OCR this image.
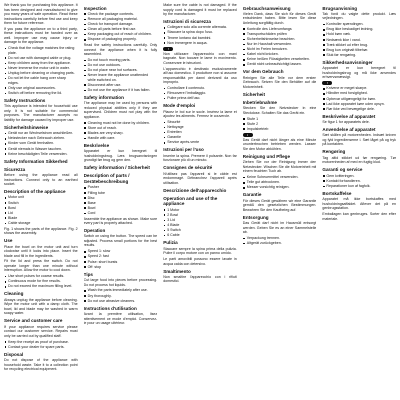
We thank you for purchasing this appliance. It has been designed and manufactured to give you many years of safe operation. Read these instructions carefully before first use and keep them for future reference.

If you pass the appliance on to a third party, these instructions must be handed over as well. Improper use may cause injury or damage to the appliance.

Check that the voltage matches the rating plate.
Do not use with damaged cable or plug.
Keep children away from the appliance.
Never immerse the motor unit in water.
Unplug before cleaning or changing parts.
Do not let the cable hang over sharp edges.
Only use original accessories.
Switch off before removing the lid.
Safety Instructions

This appliance is intended for household use only. It is not suitable for commercial purposes. The manufacturer accepts no liability for damage caused by improper use.

Sicherheitshinweise
Gerät nur an Wechselstrom anschließen.
Netzstecker nach Gebrauch ziehen.
Kinder vom Gerät fernhalten.
Gerät niemals in Wasser tauchen.
Keine beschädigten Teile verwenden.
Safety Information Sikkerhed
Sicurezza

Before using the appliance read all instructions. Connect only to an earthed socket.

Description of the appliance
Motor unit
Switch
Bowl
Lid
Blade
Cable storage

Fig. 1 shows the parts of the appliance. Fig. 2 shows the assembly.

Use

Place the bowl on the motor unit and turn clockwise until it locks into place. Insert the blade and fill in the ingredients.

Fit the lid and press the switch. Do not operate longer than one minute without interruption. Allow the motor to cool down.

Use short pulses for coarse results.
Continuous mode for fine results.
Do not exceed the maximum filling level.
Cleaning

Always unplug the appliance before cleaning. Wipe the motor unit with a damp cloth. The bowl, lid and blade may be washed in warm soapy water.

Service and customer care

If your appliance requires service please contact our customer service. Repairs must only be carried out by qualified staff.

Keep the receipt as proof of purchase.
Contact your dealer for spare parts.
Disposal

Do not dispose of the appliance with household waste. Take it to a collection point for recycling electrical equipment.

Inspection
Check the package contents.
Remove all packaging material.
Check for transport damage.
Clean all parts before first use.
Keep packaging out of reach of children.
Dispose of packaging properly.

Read the safety instructions carefully. Only connect the appliance when it is fully assembled.

Do not touch moving parts.
Do not use outdoors.
Do not place near hot surfaces.
Never leave the appliance unattended while switched on.
Disconnect after use.
Do not use the appliance if it has fallen.
Safety information

The appliance may be used by persons with reduced physical abilities only if they are supervised. Children must not play with the appliance.

Cleaning must not be done by children.
Store out of reach.
Blades are very sharp.
Handle with care.
Beskrivelse

Apparatet er kun beregnet til husholdningsbrug. Læs brugsanvisningen grundigt før brug og gem den.

Safety information / Sicherheit
Description of parts / Gerätebeschreibung
Pusher
Filling tube
Disc
Base
Bowl
Cord

Assemble the appliance as shown. Make sure every part is properly attached.

Operation

Switch on using the button. The speed can be adjusted. Process small portions for the best results.

Speed 1: slow
Speed 2: fast
Pulse: short bursts
Off: stop
Tips

Cut large food into pieces before processing. Do not process hot liquids.

Wash the parts immediately after use.
Dry thoroughly.
Do not use abrasive cleaners.
Instructions d'utilisation

Avant la première utilisation, lisez attentivement ce mode d'emploi. Conservez-le pour un usage ultérieur.

Make sure the cable is not damaged. If the supply cord is damaged it must be replaced by the manufacturer.

Istruzioni di sicurezza
Collegare solo alla corrente alternata.
Staccare la spina dopo l'uso.
Tenere lontano dai bambini.
Non immergere in acqua.
!

Non utilizzare l'apparecchio con mani bagnate. Non toccare le lame in movimento. Conservare le istruzioni.

L'apparecchio è destinato esclusivamente all'uso domestico. Il produttore non si assume responsabilità per danni derivanti da uso improprio.

Controllare il contenuto.
Rimuovere l'imballaggio.
Pulire prima dell'uso.
Mode d'emploi

Placez le bol sur le socle. Insérez la lame et ajoutez les aliments. Fermez le couvercle.

Sécurité
Nettoyage
Entretien
Garantie
Service après-vente
Istruzioni per l'uso

Inserire la spina. Premere il pulsante. Non far funzionare più di un minuto.

Consignes de sécurité

N'utilisez pas l'appareil si le câble est endommagé. Débranchez l'appareil après utilisation.

Descrizione dell'apparecchio
Operation and use of the appliance
1 Motor
2 Bowl
3 Lid
4 Blade
5 Switch
6 Cable
Pulizia

Staccare sempre la spina prima della pulizia. Pulire il corpo motore con un panno umido.

Le parti amovibili possono essere lavate in acqua calda con detersivo.

Smaltimento

Non smaltire l'apparecchio con i rifiuti domestici.

Gebrauchsanweisung

Vielen Dank, dass Sie sich für dieses Gerät entschieden haben. Bitte lesen Sie diese Anleitung sorgfältig durch.

Kontrolle des Lieferumfangs
Transportschäden prüfen
Sicherheitshinweise beachten.
Nur im Haushalt verwenden.
Nicht im Freien benutzen.
Kabel nicht knicken.
Keine heißen Flüssigkeiten verarbeiten.
Gerät nicht unbeaufsichtigt lassen.
Vor dem Gebrauch

Reinigen Sie alle Teile vor dem ersten Gebrauch. Setzen Sie den Behälter auf die Motoreinheit.

Sicherheit
Inbetriebnahme

Stecken Sie den Netzstecker in eine Steckdose. Schalten Sie das Gerät ein.

Stufe 1
Stufe 2
Impulsbetrieb
i

Das Gerät darf nicht länger als eine Minute ununterbrochen betrieben werden. Lassen Sie den Motor abkühlen.

Reinigung und Pflege

Ziehen Sie vor der Reinigung immer den Netzstecker. Wischen Sie die Motoreinheit mit einem feuchten Tuch ab.

Keine Scheuermittel verwenden.
Teile gut abtrocknen.
Messer vorsichtig reinigen.
Garantie

Für dieses Gerät gewähren wir eine Garantie gemäß den gesetzlichen Bestimmungen. Bewahren Sie den Kaufbeleg auf.

Entsorgung

Das Gerät darf nicht im Hausmüll entsorgt werden. Geben Sie es an einer Sammelstelle ab.

Verpackung trennen.
Altgerät zurückgeben.
Brugsanvisning

Tak fordi du valgte dette produkt. Læs vejledningen.

Kontroller spændingen.
Brug ikke beskadiget ledning.
Hold børn væk.
Nedsænk ikke i vand.
Træk stikket ud efter brug.
Brug kun originalt tilbehør.
Sluk før rengøring.
Sikkerhedsanvisninger

Apparatet er kun beregnet til husholdningsbrug og må ikke anvendes erhvervsmæssigt.

!
Knivene er meget skarpe.
Håndter med forsigtighed.
Opbevar utilgængeligt for børn.
Lad ikke apparatet køre uden opsyn.
Rør ikke ved bevægelige dele.
Beskrivelse af apparatet

Se figur 1 for apparatets dele.

Anvendelse af apparatet

Sæt skålen på motorenheden. Indsæt kniven og fyld ingredienserne i. Sæt låget på og tryk på kontakten.

Rengøring

Tag altid stikket ud før rengøring. Tør motorenheden af med en fugtig klud.

Garanti og service
Gem kvitteringen.
Kontakt forhandleren.
Reparationer kun af fagfolk.
Bortskaffelse

Apparatet må ikke bortskaffes med husholdningsaffaldet. Aflever det på en genbrugsstation.

Emballagen kan genbruges. Sorter den efter materiale.
